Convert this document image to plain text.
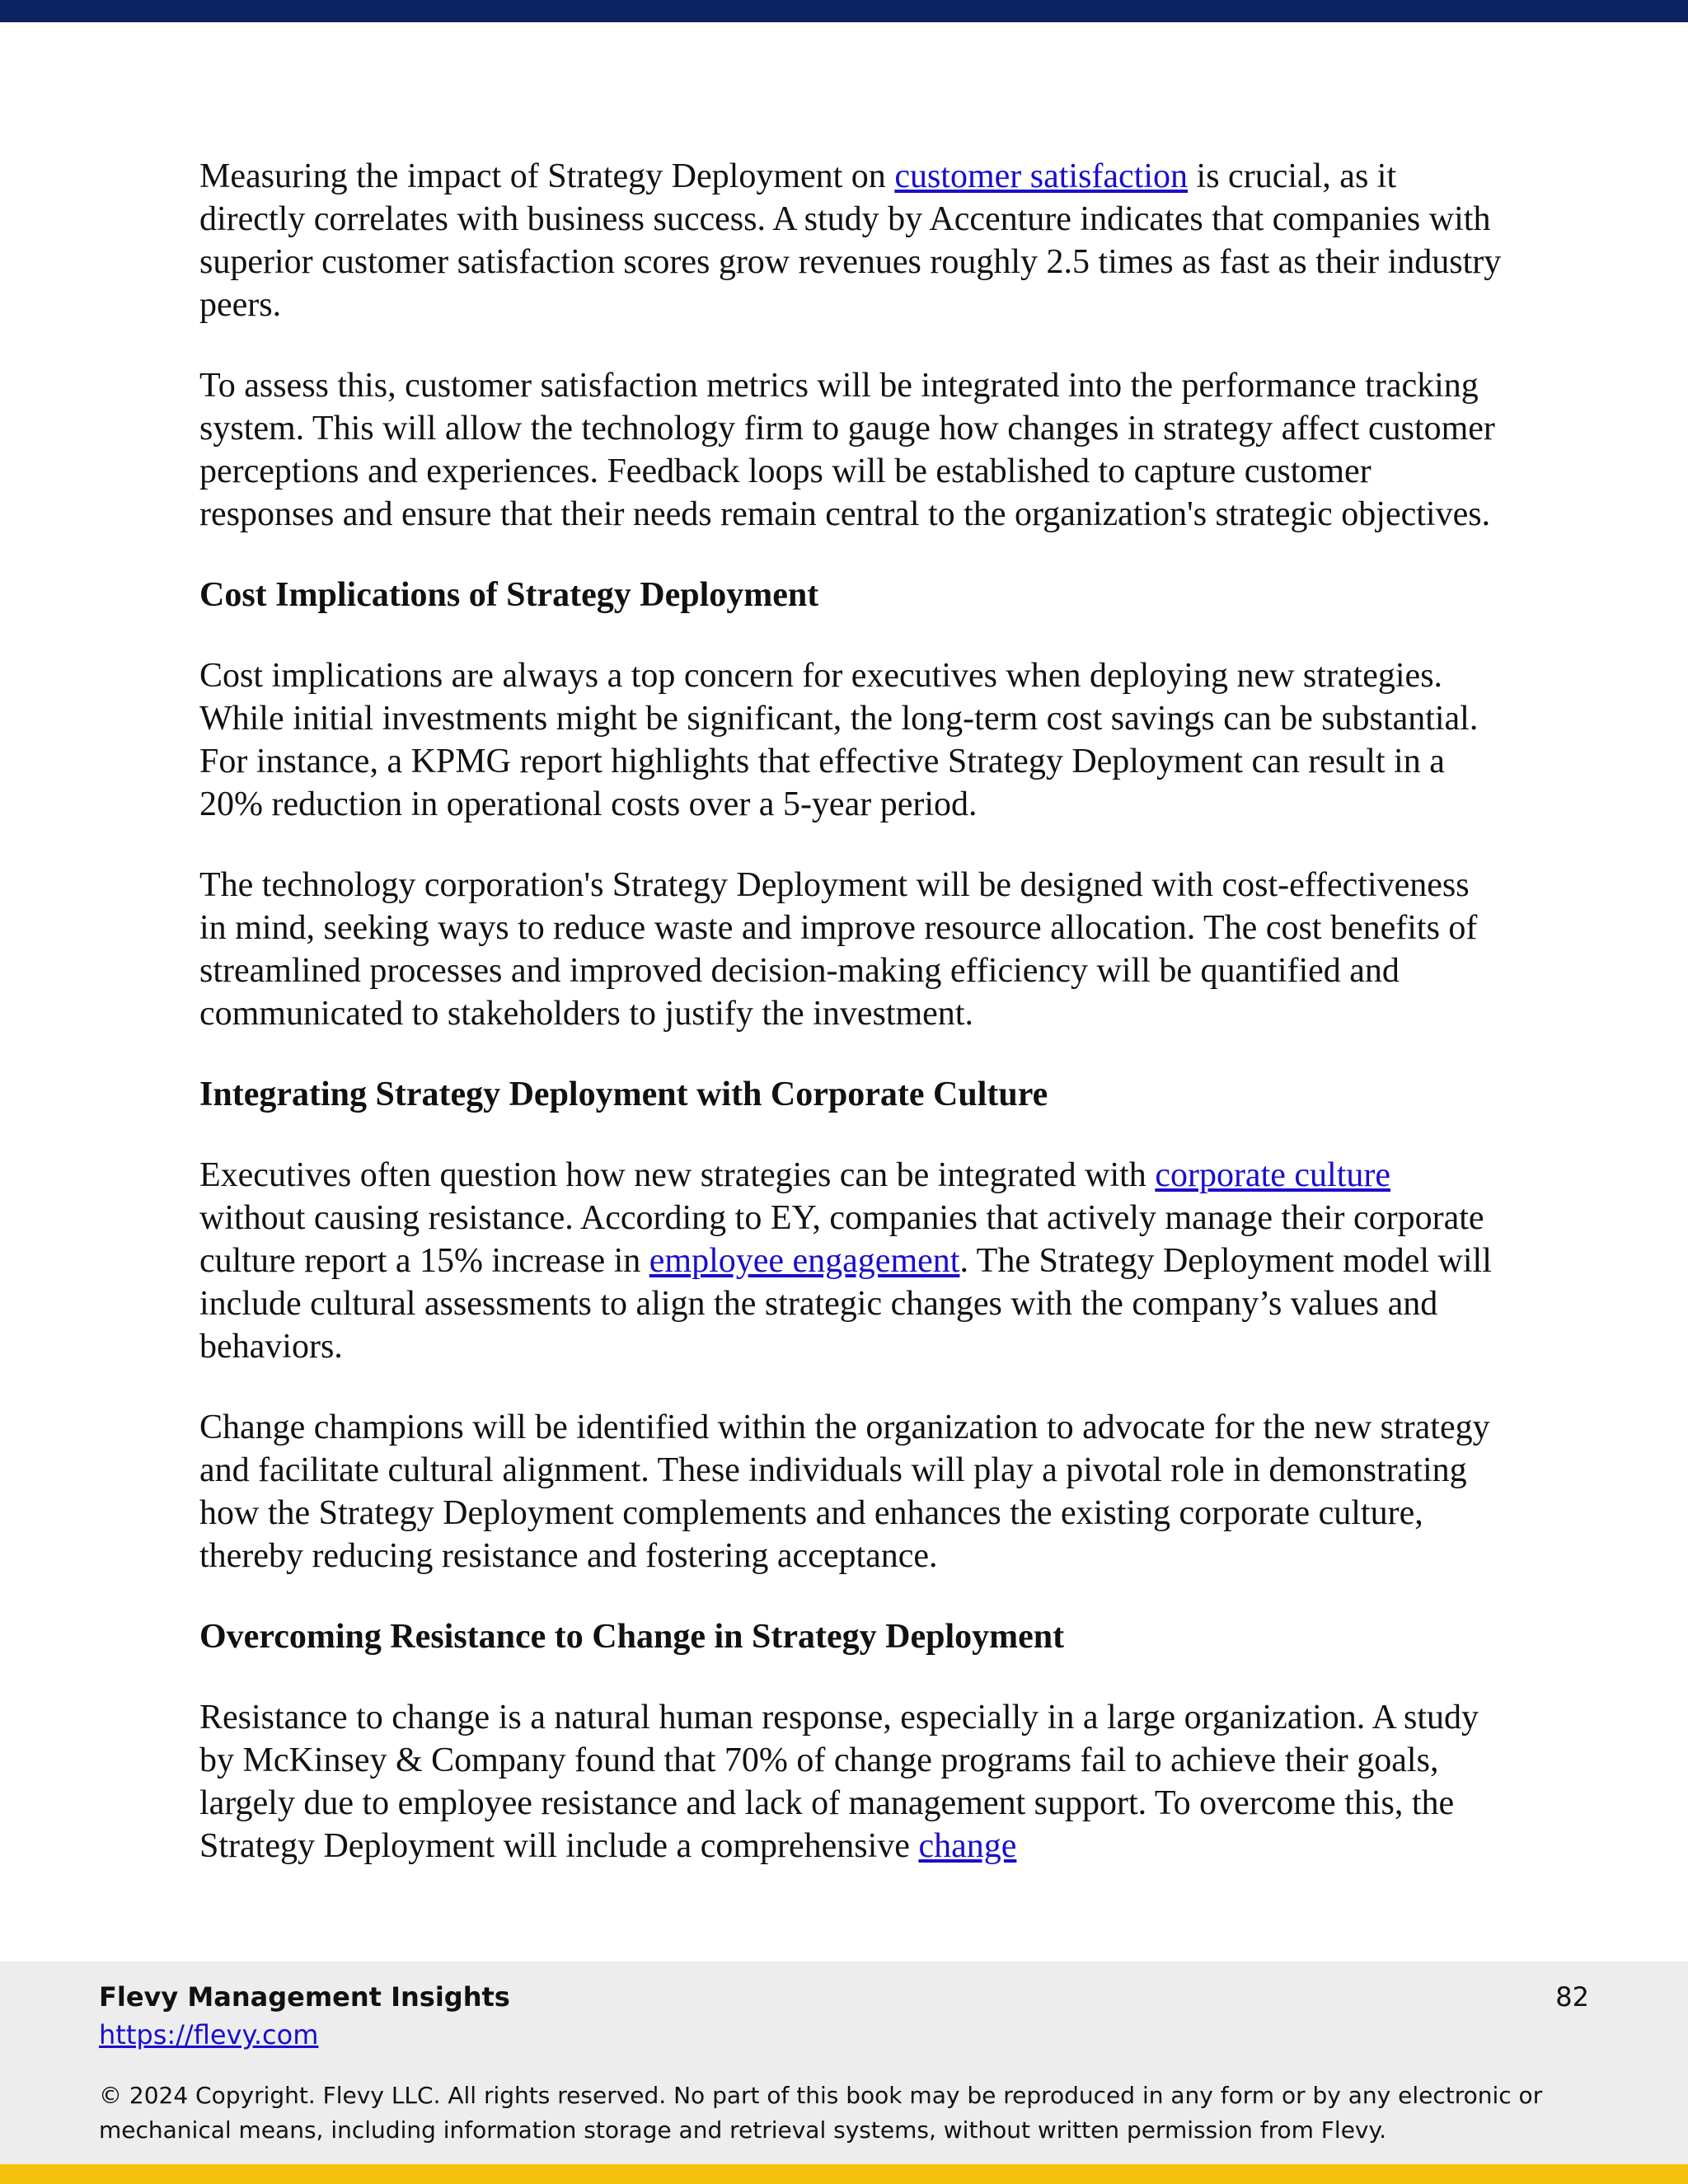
Measuring the impact of Strategy Deployment on customer satisfaction is crucial, as it directly correlates with business success. A study by Accenture indicates that companies with superior customer satisfaction scores grow revenues roughly 2.5 times as fast as their industry peers.

To assess this, customer satisfaction metrics will be integrated into the performance tracking system. This will allow the technology firm to gauge how changes in strategy affect customer perceptions and experiences. Feedback loops will be established to capture customer responses and ensure that their needs remain central to the organization's strategic objectives.

Cost Implications of Strategy Deployment

Cost implications are always a top concern for executives when deploying new strategies. While initial investments might be significant, the long-term cost savings can be substantial. For instance, a KPMG report highlights that effective Strategy Deployment can result in a 20% reduction in operational costs over a 5-year period.

The technology corporation's Strategy Deployment will be designed with cost-effectiveness in mind, seeking ways to reduce waste and improve resource allocation. The cost benefits of streamlined processes and improved decision-making efficiency will be quantified and communicated to stakeholders to justify the investment.

Integrating Strategy Deployment with Corporate Culture

Executives often question how new strategies can be integrated with corporate culture without causing resistance. According to EY, companies that actively manage their corporate culture report a 15% increase in employee engagement. The Strategy Deployment model will include cultural assessments to align the strategic changes with the company’s values and behaviors.

Change champions will be identified within the organization to advocate for the new strategy and facilitate cultural alignment. These individuals will play a pivotal role in demonstrating how the Strategy Deployment complements and enhances the existing corporate culture, thereby reducing resistance and fostering acceptance.

Overcoming Resistance to Change in Strategy Deployment

Resistance to change is a natural human response, especially in a large organization. A study by McKinsey & Company found that 70% of change programs fail to achieve their goals, largely due to employee resistance and lack of management support. To overcome this, the Strategy Deployment will include a comprehensive change

Flevy Management Insights
https://flevy.com
82
© 2024 Copyright. Flevy LLC. All rights reserved. No part of this book may be reproduced in any form or by any electronic or mechanical means, including information storage and retrieval systems, without written permission from Flevy.
